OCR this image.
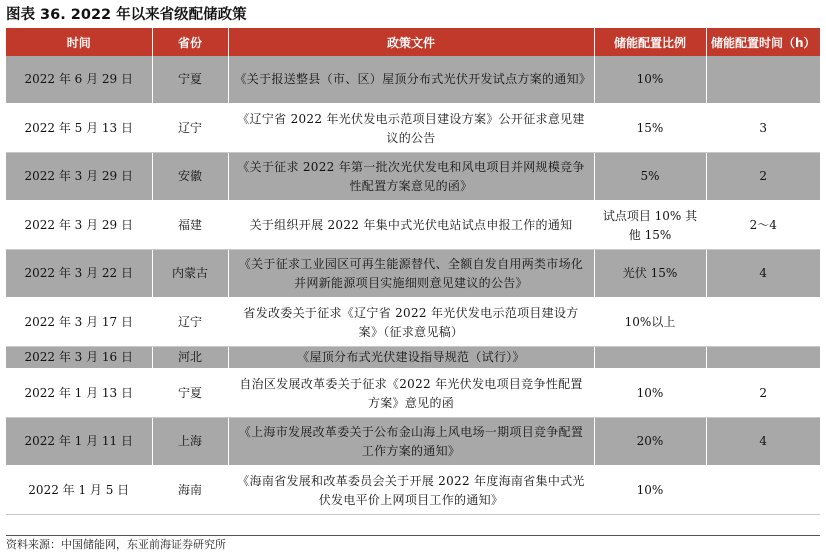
图表 36. 2022 年以来省级配储政策
时间	省份	政策文件	储能配置比例	储能配置时间（h）
2022 年 6 月 29 日	宁夏	《关于报送整县（市、区）屋顶分布式光伏开发试点方案的通知》	10%	
2022 年 5 月 13 日	辽宁	《辽宁省 2022 年光伏发电示范项目建设方案》公开征求意见建议的公告	15%	3
2022 年 3 月 29 日	安徽	《关于征求 2022 年第一批次光伏发电和风电项目并网规模竞争性配置方案意见的函》	5%	2
2022 年 3 月 29 日	福建	关于组织开展 2022 年集中式光伏电站试点申报工作的通知	试点项目 10% 其他 15%	2〜4
2022 年 3 月 22 日	内蒙古	《关于征求工业园区可再生能源替代、全额自发自用两类市场化并网新能源项目实施细则意见建议的公告》	光伏 15%	4
2022 年 3 月 17 日	辽宁	省发改委关于征求《辽宁省 2022 年光伏发电示范项目建设方案》（征求意见稿）	10%以上	
2022 年 3 月 16 日	河北	《屋顶分布式光伏建设指导规范（试行）》		
2022 年 1 月 13 日	宁夏	自治区发展改革委关于征求《2022 年光伏发电项目竞争性配置方案》意见的函	10%	2
2022 年 1 月 11 日	上海	《上海市发展改革委关于公布金山海上风电场一期项目竞争配置工作方案的通知》	20%	4
2022 年 1 月 5 日	海南	《海南省发展和改革委员会关于开展 2022 年度海南省集中式光伏发电平价上网项目工作的通知》	10%	
资料来源：中国储能网，东亚前海证券研究所
